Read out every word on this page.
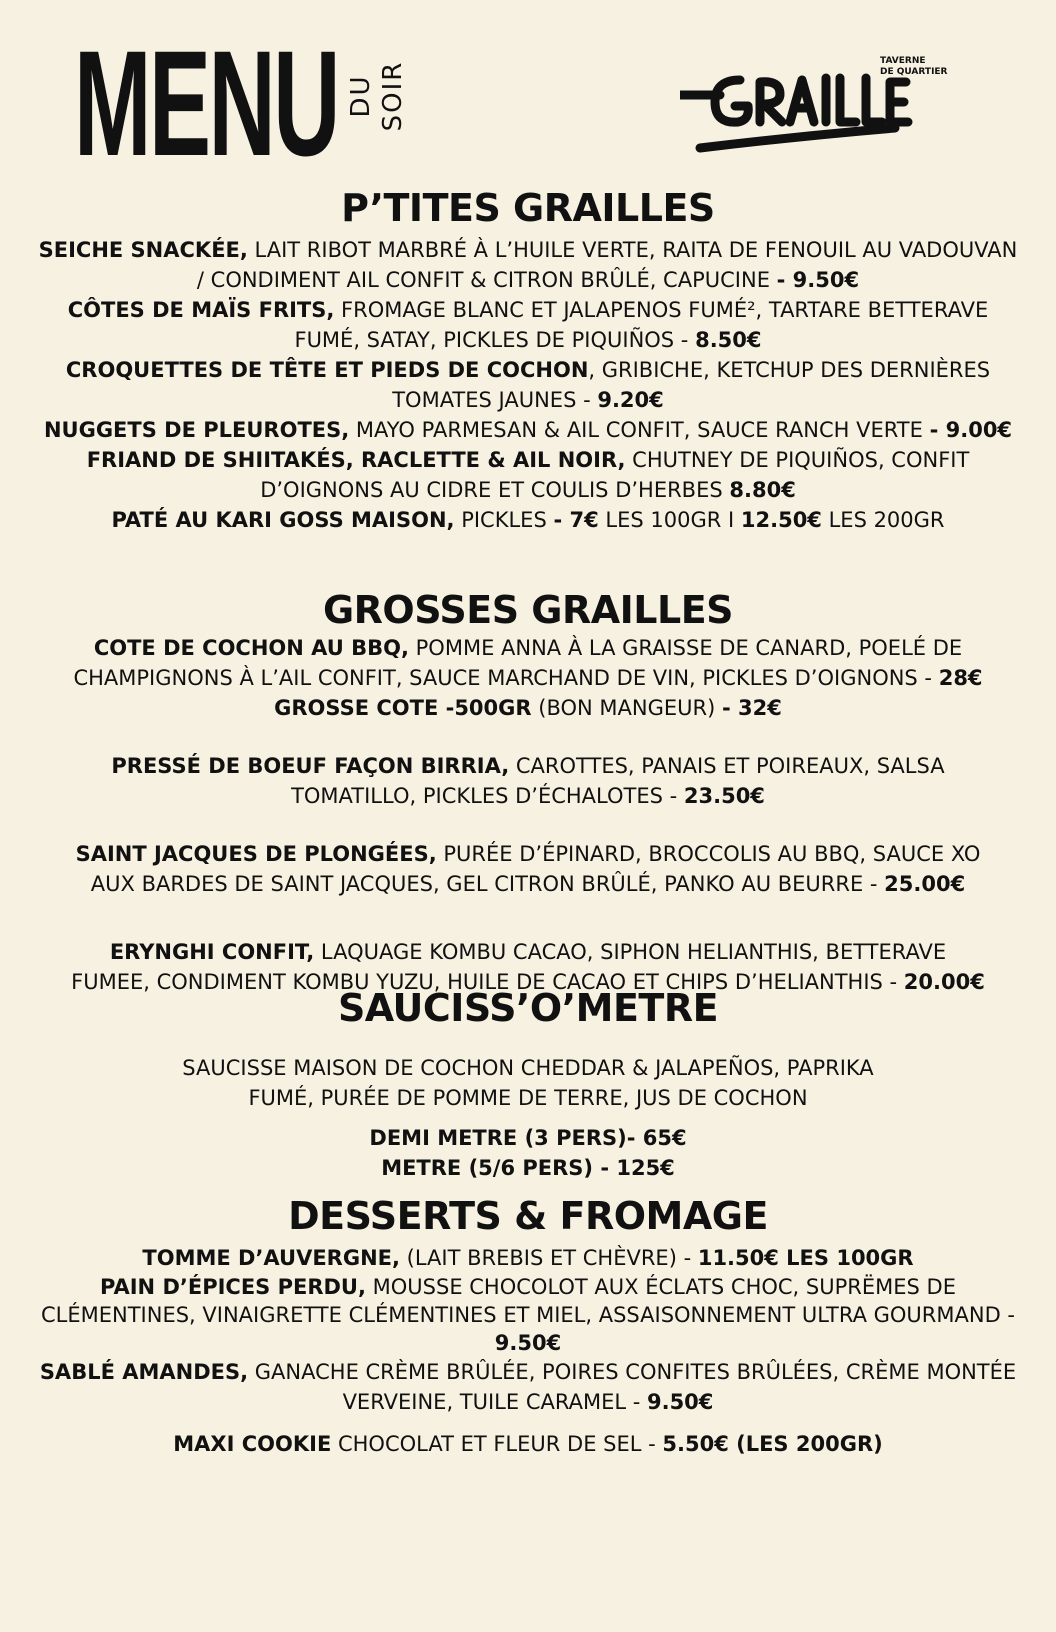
MENU DU SOIR	TAVERNE
DE QUARTIER
P’TITES GRAILLES

SEICHE SNACKÉE, LAIT RIBOT MARBRÉ À L’HUILE VERTE, RAITA DE FENOUIL AU VADOUVAN / CONDIMENT AIL CONFIT & CITRON BRÛLÉ, CAPUCINE - 9.50€

CÔTES DE MAÏS FRITS, FROMAGE BLANC ET JALAPENOS FUMÉ², TARTARE BETTERAVE FUMÉ, SATAY, PICKLES DE PIQUIÑOS - 8.50€

CROQUETTES DE TÊTE ET PIEDS DE COCHON, GRIBICHE, KETCHUP DES DERNIÈRES TOMATES JAUNES - 9.20€

NUGGETS DE PLEUROTES, MAYO PARMESAN & AIL CONFIT, SAUCE RANCH VERTE - 9.00€

FRIAND DE SHIITAKÉS, RACLETTE & AIL NOIR, CHUTNEY DE PIQUIÑOS, CONFIT D’OIGNONS AU CIDRE ET COULIS D’HERBES 8.80€

PATÉ AU KARI GOSS MAISON, PICKLES - 7€ LES 100GR I 12.50€ LES 200GR

GROSSES GRAILLES

COTE DE COCHON AU BBQ, POMME ANNA À LA GRAISSE DE CANARD, POELÉ DE CHAMPIGNONS À L’AIL CONFIT, SAUCE MARCHAND DE VIN, PICKLES D’OIGNONS - 28€

GROSSE COTE -500GR (BON MANGEUR) - 32€

PRESSÉ DE BOEUF FAÇON BIRRIA, CAROTTES, PANAIS ET POIREAUX, SALSA TOMATILLO, PICKLES D’ÉCHALOTES - 23.50€

SAINT JACQUES DE PLONGÉES, PURÉE D’ÉPINARD, BROCCOLIS AU BBQ, SAUCE XO AUX BARDES DE SAINT JACQUES, GEL CITRON BRÛLÉ, PANKO AU BEURRE - 25.00€

ERYNGHI CONFIT, LAQUAGE KOMBU CACAO, SIPHON HELIANTHIS, BETTERAVE FUMEE, CONDIMENT KOMBU YUZU, HUILE DE CACAO ET CHIPS D’HELIANTHIS - 20.00€

SAUCISS’O’METRE

SAUCISSE MAISON DE COCHON CHEDDAR & JALAPEÑOS, PAPRIKA FUMÉ, PURÉE DE POMME DE TERRE, JUS DE COCHON

DEMI METRE (3 PERS)- 65€

METRE (5/6 PERS) - 125€

DESSERTS & FROMAGE

TOMME D’AUVERGNE, (LAIT BREBIS ET CHÈVRE) - 11.50€ LES 100GR

PAIN D’ÉPICES PERDU, MOUSSE CHOCOLOT AUX ÉCLATS CHOC, SUPRËMES DE CLÉMENTINES, VINAIGRETTE CLÉMENTINES ET MIEL, ASSAISONNEMENT ULTRA GOURMAND - 9.50€

SABLÉ AMANDES, GANACHE CRÈME BRÛLÉE, POIRES CONFITES BRÛLÉES, CRÈME MONTÉE VERVEINE, TUILE CARAMEL - 9.50€

MAXI COOKIE CHOCOLAT ET FLEUR DE SEL - 5.50€ (LES 200GR)
